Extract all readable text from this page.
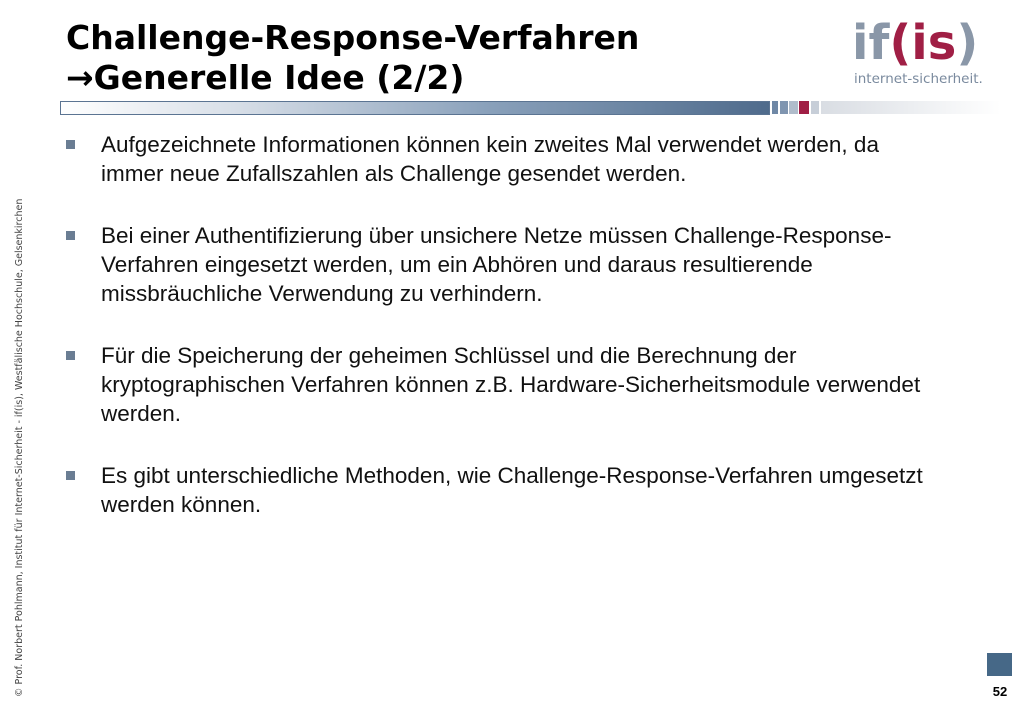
Challenge-Response-Verfahren
→Generelle Idee (2/2)
if(is)
internet-sicherheit.
© Prof. Norbert Pohlmann, Institut für Internet-Sicherheit - if(is), Westfälische Hochschule, Gelsenkirchen
Aufgezeichnete Informationen können kein zweites Mal verwendet werden, da immer neue Zufallszahlen als Challenge gesendet werden.
Bei einer Authentifizierung über unsichere Netze müssen Challenge-Response-Verfahren eingesetzt werden, um ein Abhören und daraus resultierende missbräuchliche Verwendung zu verhindern.
Für die Speicherung der geheimen Schlüssel und die Berechnung der kryptographischen Verfahren können z.B. Hardware-Sicherheitsmodule verwendet werden.
Es gibt unterschiedliche Methoden, wie Challenge-Response-Verfahren umgesetzt werden können.
52
